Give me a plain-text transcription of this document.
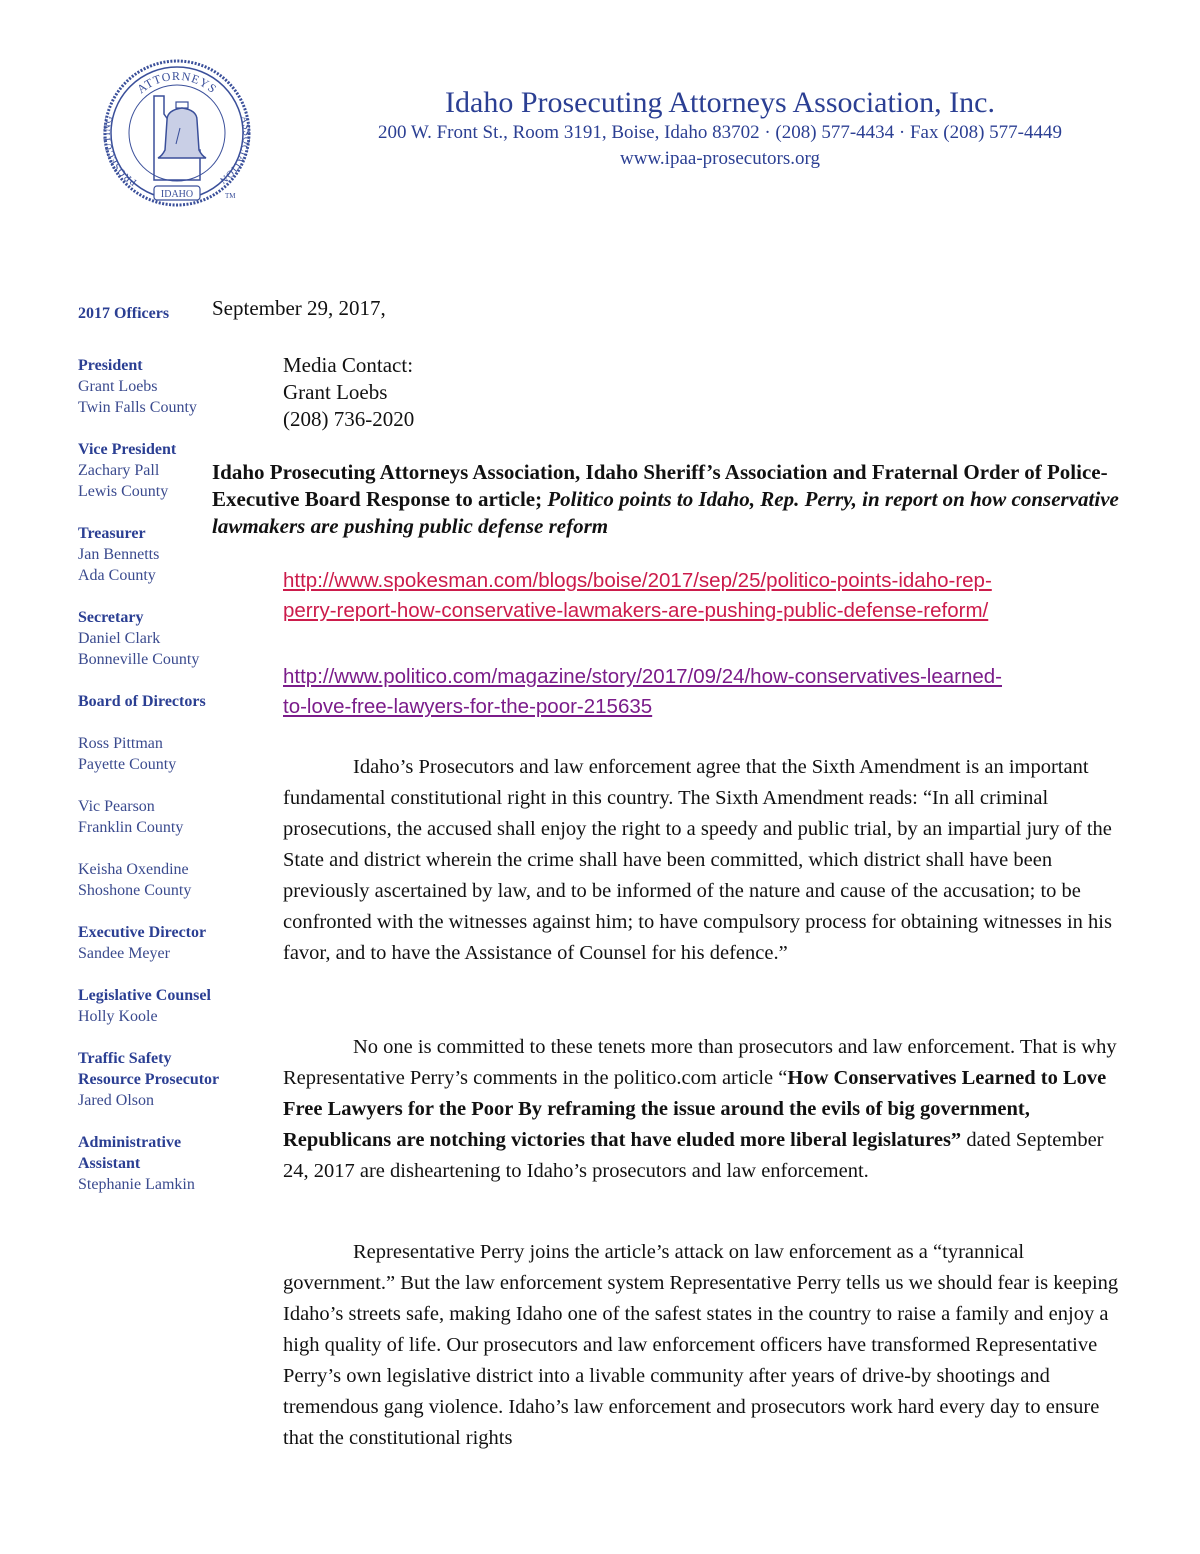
ATTORNEYS
PROSECUTING	ASSOCIATION
IDAHO	TM
Idaho Prosecuting Attorneys Association, Inc.
200 W. Front St., Room 3191, Boise, Idaho 83702 · (208) 577-4434 · Fax (208) 577-4449
www.ipaa-prosecutors.org
2017 Officers
President
Grant Loebs
Twin Falls County
Vice President
Zachary Pall
Lewis County
Treasurer
Jan Bennetts
Ada County
Secretary
Daniel Clark
Bonneville County
Board of Directors
Ross Pittman
Payette County
Vic Pearson
Franklin County
Keisha Oxendine
Shoshone County
Executive Director
Sandee Meyer
Legislative Counsel
Holly Koole
Traffic Safety
Resource Prosecutor
Jared Olson
Administrative
Assistant
Stephanie Lamkin
September 29, 2017,
Media Contact:
Grant Loebs
(208) 736-2020
Idaho Prosecuting Attorneys Association, Idaho Sheriff’s Association and Fraternal Order of Police- Executive Board Response to article; Politico points to Idaho, Rep. Perry, in report on how conservative lawmakers are pushing public defense reform
http://www.spokesman.com/blogs/boise/2017/sep/25/politico-points-idaho-rep-
perry-report-how-conservative-lawmakers-are-pushing-public-defense-reform/
http://www.politico.com/magazine/story/2017/09/24/how-conservatives-learned-
to-love-free-lawyers-for-the-poor-215635
Idaho’s Prosecutors and law enforcement agree that the Sixth Amendment is an important fundamental constitutional right in this country. The Sixth Amendment reads: “In all criminal prosecutions, the accused shall enjoy the right to a speedy and public trial, by an impartial jury of the State and district wherein the crime shall have been committed, which district shall have been previously ascertained by law, and to be informed of the nature and cause of the accusation; to be confronted with the witnesses against him; to have compulsory process for obtaining witnesses in his favor, and to have the Assistance of Counsel for his defence.”
No one is committed to these tenets more than prosecutors and law enforcement. That is why Representative Perry’s comments in the politico.com article “How Conservatives Learned to Love Free Lawyers for the Poor By reframing the issue around the evils of big government, Republicans are notching victories that have eluded more liberal legislatures” dated September 24, 2017 are disheartening to Idaho’s prosecutors and law enforcement.
Representative Perry joins the article’s attack on law enforcement as a “tyrannical government.” But the law enforcement system Representative Perry tells us we should fear is keeping Idaho’s streets safe, making Idaho one of the safest states in the country to raise a family and enjoy a high quality of life. Our prosecutors and law enforcement officers have transformed Representative Perry’s own legislative district into a livable community after years of drive-by shootings and tremendous gang violence. Idaho’s law enforcement and prosecutors work hard every day to ensure that the constitutional rights
